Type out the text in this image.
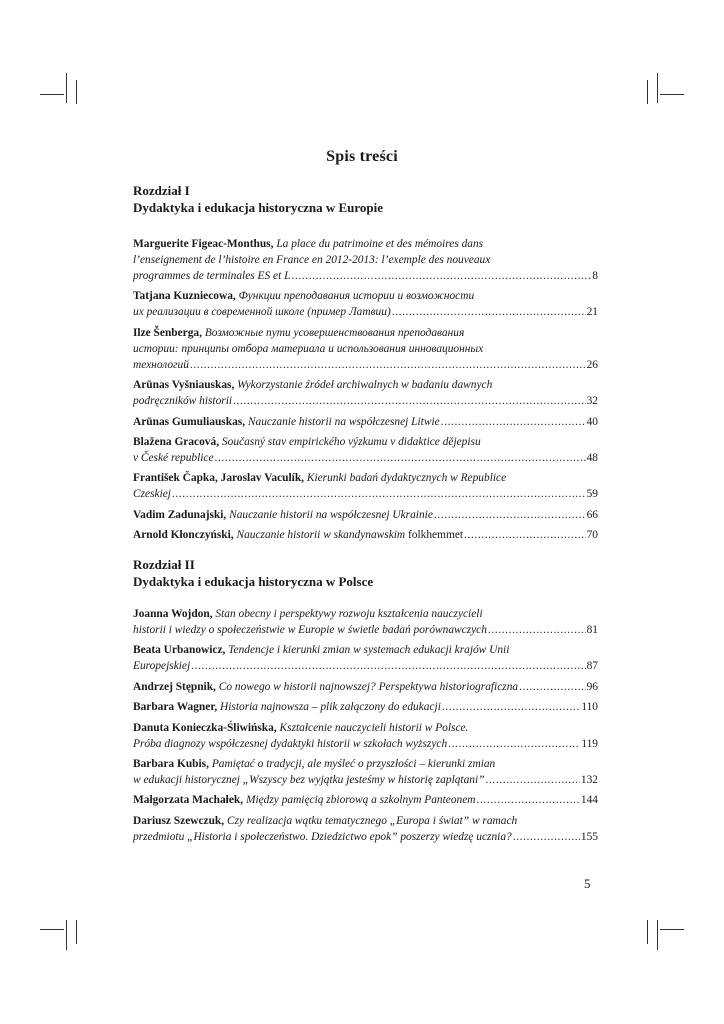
Spis treści
Rozdział I
Dydaktyka i edukacja historyczna w Europie
Marguerite Figeac-Monthus, La place du patrimoine et des mémoires dans
l’enseignement de l’histoire en France en 2012-2013: l’exemple des nouveaux
programmes de terminales ES et L .....	8
Tatjana Kuzniecowa, Функции преподавания истории и возможности
их реализации в современной школе (пример Латвии) .....	21
Ilze Šenberga, Возможные пути усовершенствования преподавания
истории: принципы отбора материала и использования инновационных
технологий .....	26
Arūnas Vyšniauskas, Wykorzystanie źródeł archiwalnych w badaniu dawnych
podręczników historii .....	32
Arūnas Gumuliauskas, Nauczanie historii na współczesnej Litwie .....	40
Blažena Gracová, Současný stav empirického výzkumu v didaktice dějepisu
v České republice .....	48
František Čapka, Jaroslav Vaculík, Kierunki badań dydaktycznych w Republice
Czeskiej .....	59
Vadim Zadunajski, Nauczanie historii na współczesnej Ukrainie .....	66
Arnold Kłonczyński, Nauczanie historii w skandynawskim folkhemmet .....	70
Rozdział II
Dydaktyka i edukacja historyczna w Polsce
Joanna Wojdon, Stan obecny i perspektywy rozwoju kształcenia nauczycieli
historii i wiedzy o społeczeństwie w Europie w świetle badań porównawczych .....	81
Beata Urbanowicz, Tendencje i kierunki zmian w systemach edukacji krajów Unii
Europejskiej .....	87
Andrzej Stępnik, Co nowego w historii najnowszej? Perspektywa historiograficzna .....	96
Barbara Wagner, Historia najnowsza – plik załączony do edukacji .....	110
Danuta Konieczka-Śliwińska, Kształcenie nauczycieli historii w Polsce.
Próba diagnozy współczesnej dydaktyki historii w szkołach wyższych .....	119
Barbara Kubis, Pamiętać o tradycji, ale myśleć o przyszłości – kierunki zmian
w edukacji historycznej „Wszyscy bez wyjątku jesteśmy w historię zaplątani” .....	132
Małgorzata Machałek, Między pamięcią zbiorową a szkolnym Panteonem .....	144
Dariusz Szewczuk, Czy realizacja wątku tematycznego „Europa i świat” w ramach
przedmiotu „Historia i społeczeństwo. Dziedzictwo epok” poszerzy wiedzę ucznia? .....	155
5
